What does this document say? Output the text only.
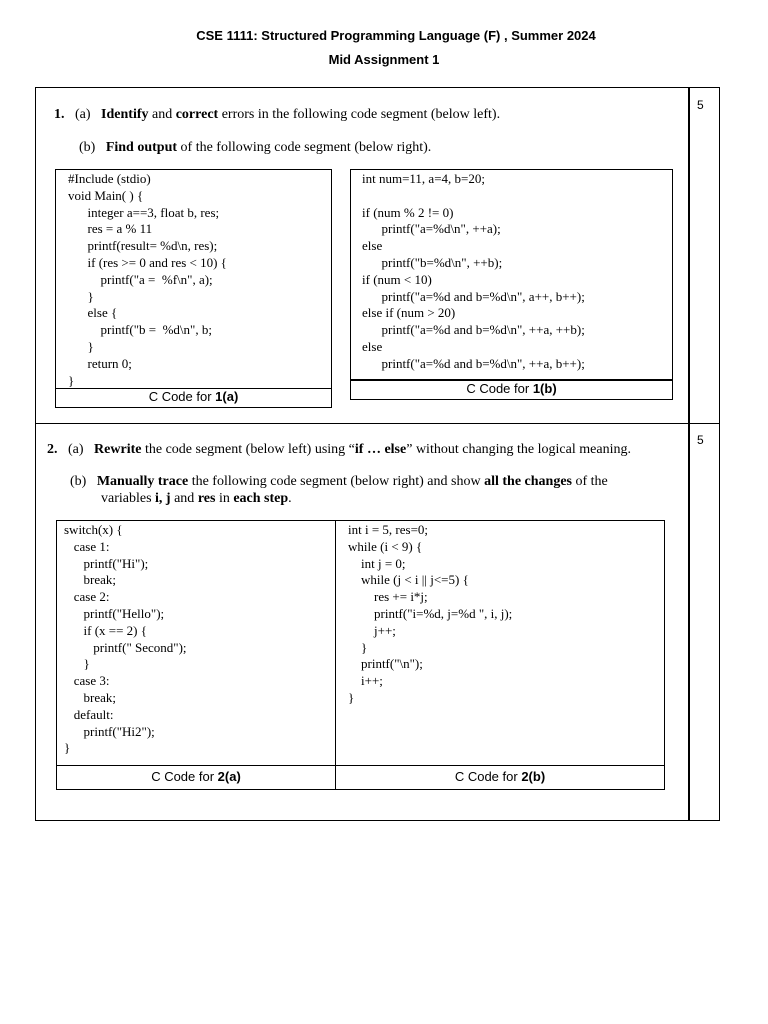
CSE 1111: Structured Programming Language (F) , Summer 2024
Mid Assignment 1
5
5
1. (a) Identify and correct errors in the following code segment (below left).
(b) Find output of the following code segment (below right).
#Include (stdio)
void Main( ) {
integer a==3, float b, res;
res = a % 11
printf(result= %d\n, res);
if (res >= 0 and res < 10) {
printf("a =  %f\n", a);
}
else {
printf("b =  %d\n", b;
}
return 0;
}
C Code for 1(a)
int num=11, a=4, b=20;

if (num % 2 != 0)
printf("a=%d\n", ++a);
else
printf("b=%d\n", ++b);
if (num < 10)
printf("a=%d and b=%d\n", a++, b++);
else if (num > 20)
printf("a=%d and b=%d\n", ++a, ++b);
else
printf("a=%d and b=%d\n", ++a, b++);
C Code for 1(b)
2. (a) Rewrite the code segment (below left) using “if … else” without changing the logical meaning.
(b) Manually trace the following code segment (below right) and show all the changes of the
variables i, j and res in each step.
switch(x) {
case 1:
printf("Hi");
break;
case 2:
printf("Hello");
if (x == 2) {
printf(" Second");
}
case 3:
break;
default:
printf("Hi2");
}
int i = 5, res=0;
while (i < 9) {
int j = 0;
while (j < i || j<=5) {
res += i*j;
printf("i=%d, j=%d ", i, j);
j++;
}
printf("\n");
i++;
}
C Code for 2(a)	C Code for 2(b)
